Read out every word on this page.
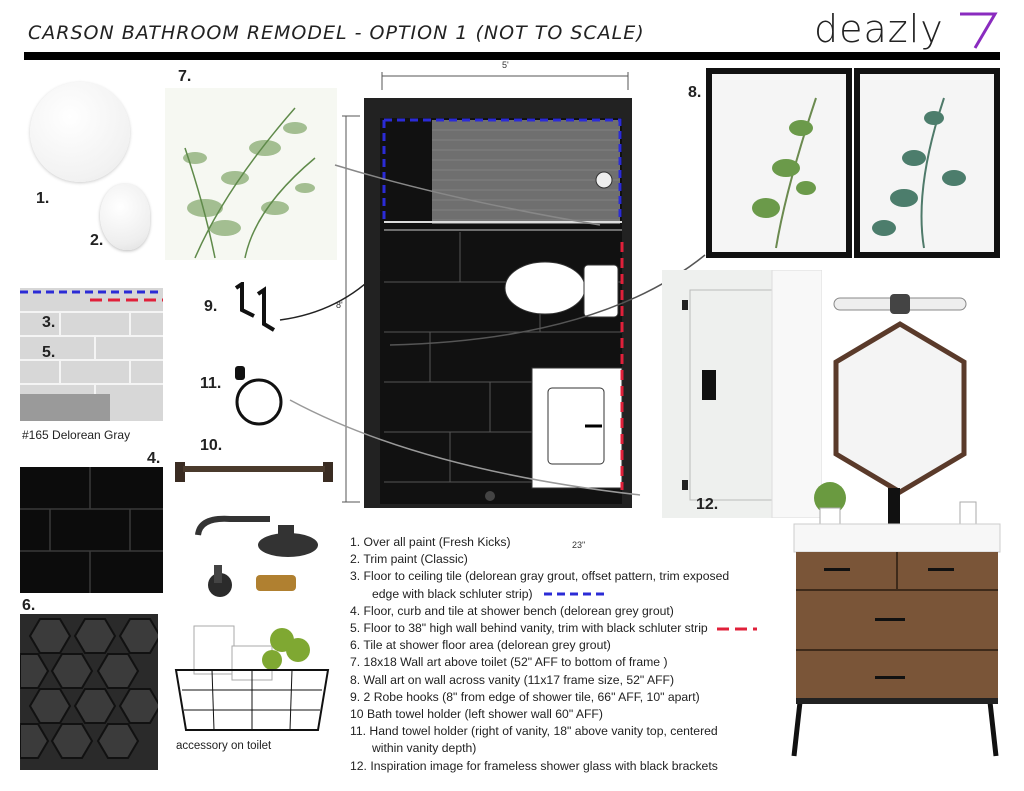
CARSON BATHROOM REMODEL - OPTION 1 (NOT TO SCALE)	deazly
1.
2.
3.
5.
#165 Delorean Gray
4.
6.
7.
5'
8'
23"
8.
9.
11.
10.
accessory on toilet
12.
1. Over all paint (Fresh Kicks)
2. Trim paint (Classic)
3. Floor to ceiling tile (delorean gray grout, offset pattern, trim exposed
edge with black schluter strip)
4. Floor, curb and tile at shower bench (delorean grey grout)
5. Floor to 38" high wall behind vanity, trim with black schluter strip
6. Tile at shower floor area (delorean grey grout)
7. 18x18 Wall art above toilet (52" AFF to bottom of frame )
8. Wall art on wall across vanity (11x17 frame size, 52" AFF)
9. 2 Robe hooks (8" from edge of shower tile, 66" AFF, 10" apart)
10 Bath towel holder (left shower wall 60" AFF)
11. Hand towel holder (right of vanity, 18" above vanity top, centered
within vanity depth)
12. Inspiration image for frameless shower glass with black brackets
